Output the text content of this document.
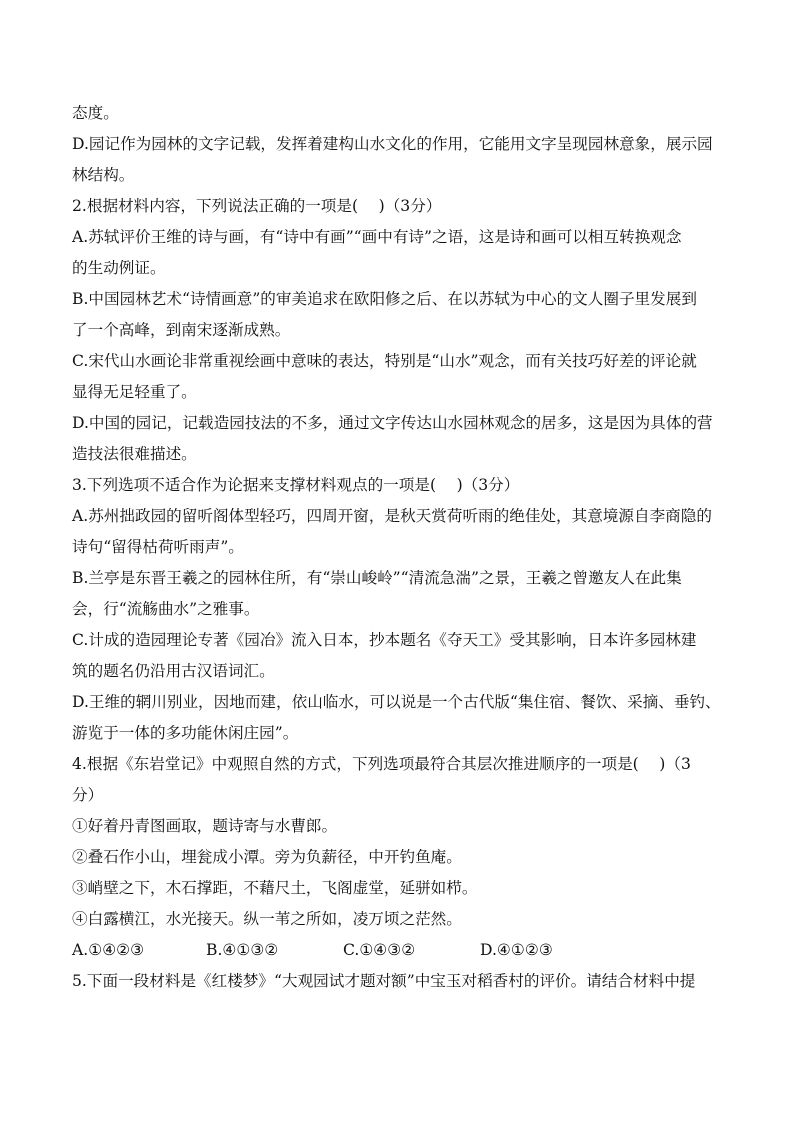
态度。
D.园记作为园林的文字记载，发挥着建构山水文化的作用，它能用文字呈现园林意象，展示园
林结构。
2.根据材料内容，下列说法正确的一项是(　 )（3分）
A.苏轼评价王维的诗与画，有“诗中有画”“画中有诗”之语，这是诗和画可以相互转换观念
的生动例证。
B.中国园林艺术“诗情画意”的审美追求在欧阳修之后、在以苏轼为中心的文人圈子里发展到
了一个高峰，到南宋逐渐成熟。
C.宋代山水画论非常重视绘画中意味的表达，特别是“山水”观念，而有关技巧好差的评论就
显得无足轻重了。
D.中国的园记，记载造园技法的不多，通过文字传达山水园林观念的居多，这是因为具体的营
造技法很难描述。
3.下列选项不适合作为论据来支撑材料观点的一项是(　 )（3分）
A.苏州拙政园的留听阁体型轻巧，四周开窗，是秋天赏荷听雨的绝佳处，其意境源自李商隐的
诗句“留得枯荷听雨声”。
B.兰亭是东晋王羲之的园林住所，有“崇山峻岭”“清流急湍”之景，王羲之曾邀友人在此集
会，行“流觞曲水”之雅事。
C.计成的造园理论专著《园冶》流入日本，抄本题名《夺天工》受其影响，日本许多园林建
筑的题名仍沿用古汉语词汇。
D.王维的辋川别业，因地而建，依山临水，可以说是一个古代版“集住宿、餐饮、采摘、垂钓、
游览于一体的多功能休闲庄园”。
4.根据《东岩堂记》中观照自然的方式，下列选项最符合其层次推进顺序的一项是(　 )（3
分）
①好着丹青图画取，题诗寄与水曹郎。
②叠石作小山，埋瓮成小潭。旁为负薪径，中开钓鱼庵。
③峭壁之下，木石撑距，不藉尺土，飞阁虚堂，延骈如栉。
④白露横江，水光接天。纵一苇之所如，凌万顷之茫然。
A.①④②③	B.④①③②	C.①④③②	D.④①②③
5.下面一段材料是《红楼梦》“大观园试才题对额”中宝玉对稻香村的评价。请结合材料中提
